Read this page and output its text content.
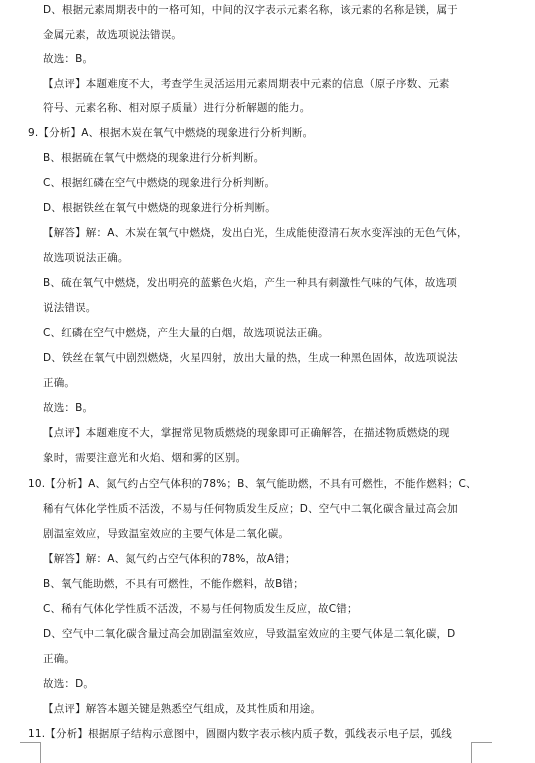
D、根据元素周期表中的一格可知，中间的汉字表示元素名称，该元素的名称是镁，属于
金属元素，故选项说法错误。
故选：B。
【点评】本题难度不大，考查学生灵活运用元素周期表中元素的信息（原子序数、元素
符号、元素名称、相对原子质量）进行分析解题的能力。
9.【分析】A、根据木炭在氧气中燃烧的现象进行分析判断。
B、根据硫在氧气中燃烧的现象进行分析判断。
C、根据红磷在空气中燃烧的现象进行分析判断。
D、根据铁丝在氧气中燃烧的现象进行分析判断。
【解答】解：A、木炭在氧气中燃烧，发出白光，生成能使澄清石灰水变浑浊的无色气体，
故选项说法正确。
B、硫在氧气中燃烧，发出明亮的蓝紫色火焰，产生一种具有刺激性气味的气体，故选项
说法错误。
C、红磷在空气中燃烧，产生大量的白烟，故选项说法正确。
D、铁丝在氧气中剧烈燃烧，火星四射，放出大量的热，生成一种黑色固体，故选项说法
正确。
故选：B。
【点评】本题难度不大，掌握常见物质燃烧的现象即可正确解答，在描述物质燃烧的现
象时，需要注意光和火焰、烟和雾的区别。
10.【分析】A、氮气约占空气体积的78%；B、氧气能助燃，不具有可燃性，不能作燃料；C、
稀有气体化学性质不活泼，不易与任何物质发生反应；D、空气中二氧化碳含量过高会加
剧温室效应，导致温室效应的主要气体是二氧化碳。
【解答】解：A、氮气约占空气体积的78%，故A错；
B、氧气能助燃，不具有可燃性，不能作燃料，故B错；
C、稀有气体化学性质不活泼，不易与任何物质发生反应，故C错；
D、空气中二氧化碳含量过高会加剧温室效应，导致温室效应的主要气体是二氧化碳，D
正确。
故选：D。
【点评】解答本题关键是熟悉空气组成，及其性质和用途。
11.【分析】根据原子结构示意图中，圆圈内数字表示核内质子数，弧线表示电子层，弧线
